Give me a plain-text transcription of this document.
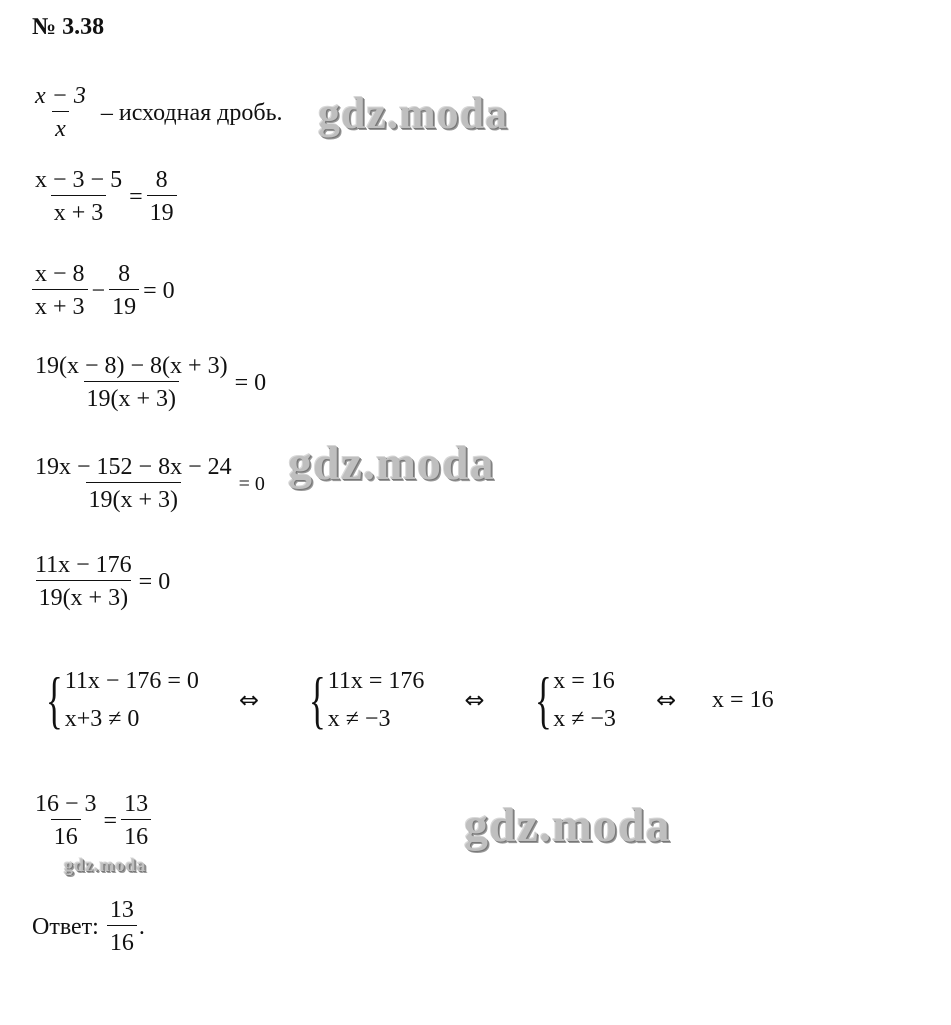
№ 3.38
$\frac{x - 3}{x}$ – исходная дробь. gdz.moda
$\frac{x - 3 - 5}{x + 3} = \frac{8}{19}$
$\frac{x - 8}{x + 3} - \frac{8}{19} = 0$
$\frac{19(x - 8) - 8(x + 3)}{19(x + 3)} = 0$
$\frac{19x - 152 - 8x - 24}{19(x + 3)} = 0$ gdz.moda
$\frac{11x - 176}{19(x + 3)} = 0$
{ 11x − 176 = 0
x+3 ≠ 0
⇔ { 11x = 176
x ≠ −3
⇔ { x = 16
x ≠ −3
⇔ x = 16
$\frac{16 - 3}{16} = \frac{13}{16}$
gdz.moda
gdz.moda
Ответ: $\frac{13}{16}$ .
